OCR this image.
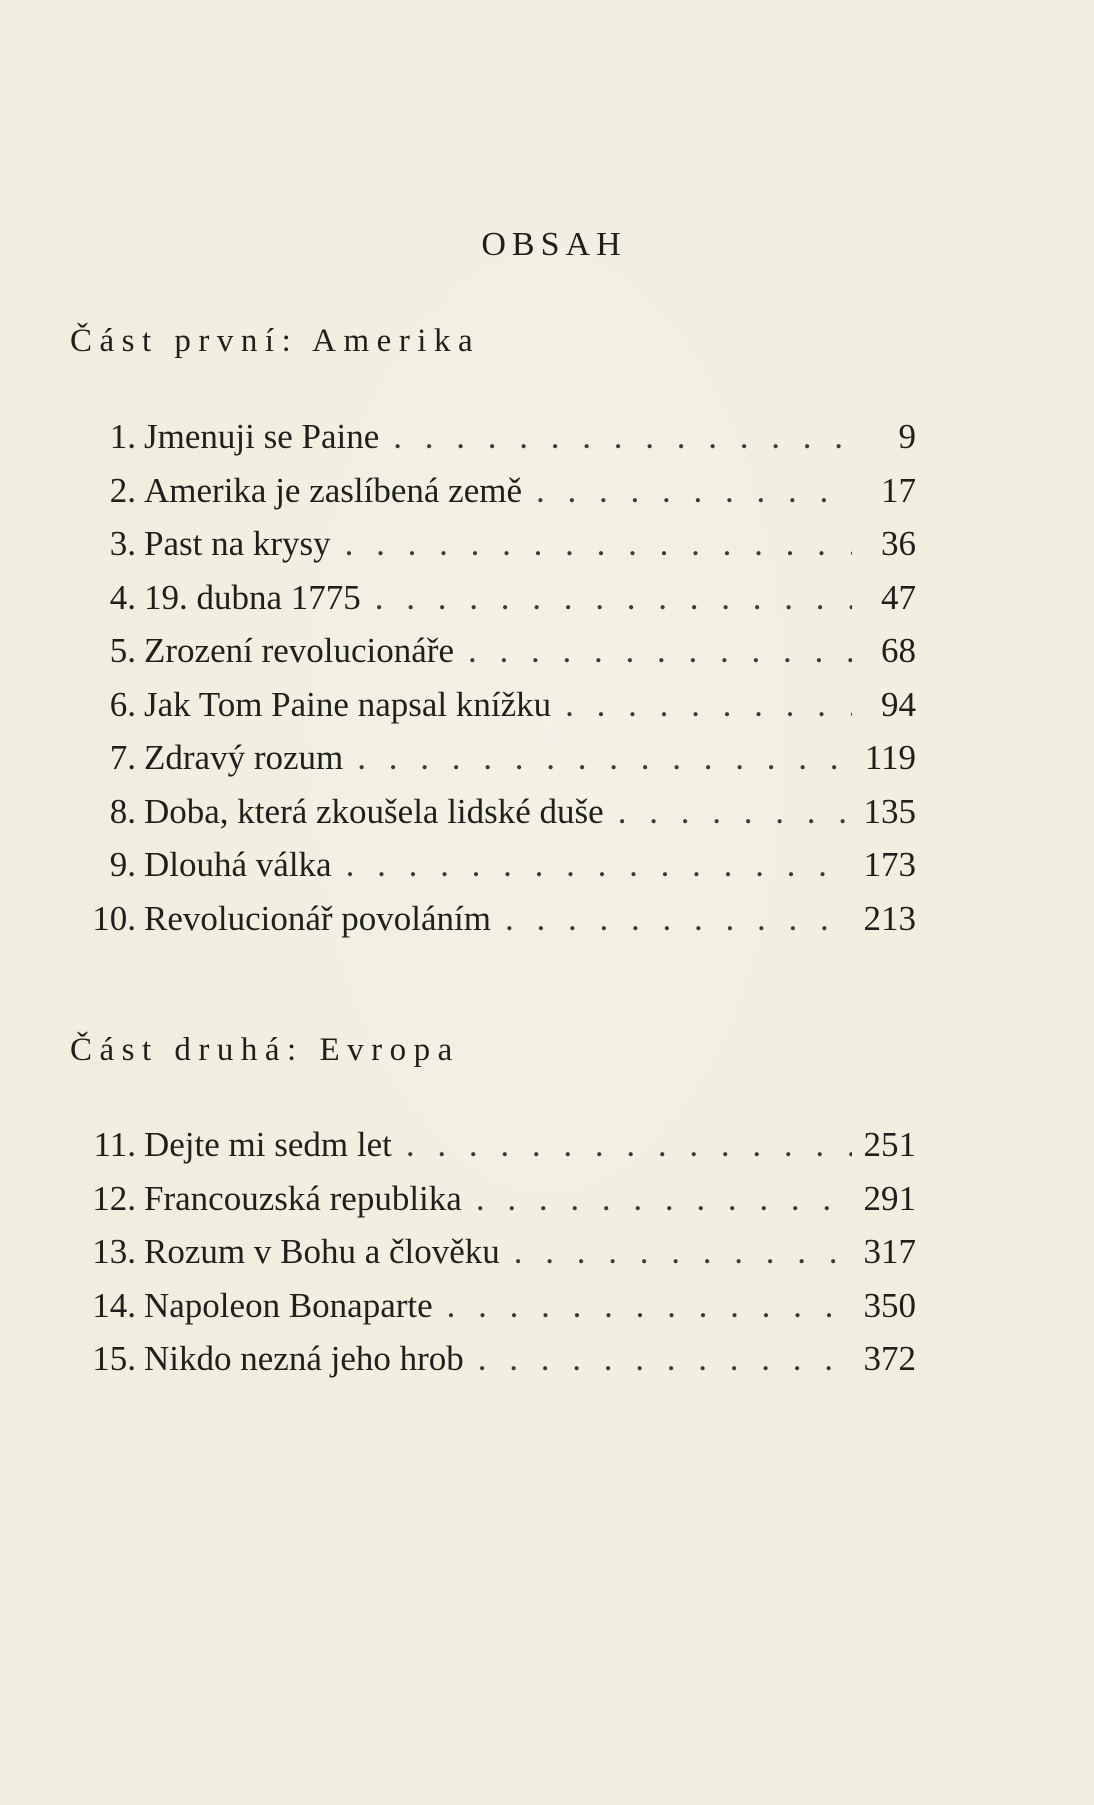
OBSAH
Část první: Amerika
1. Jmenuji se Paine . . .	9
2. Amerika je zaslíbená země . . .	17
3. Past na krysy . . .	36
4. 19. dubna 1775 . . .	47
5. Zrození revolucionáře . . .	68
6. Jak Tom Paine napsal knížku . . .	94
7. Zdravý rozum . . .	119
8. Doba, která zkoušela lidské duše . . .	135
9. Dlouhá válka . . .	173
10. Revolucionář povoláním . . .	213
Část druhá: Evropa
11. Dejte mi sedm let . . .	251
12. Francouzská republika . . .	291
13. Rozum v Bohu a člověku . . .	317
14. Napoleon Bonaparte . . .	350
15. Nikdo nezná jeho hrob . . .	372
